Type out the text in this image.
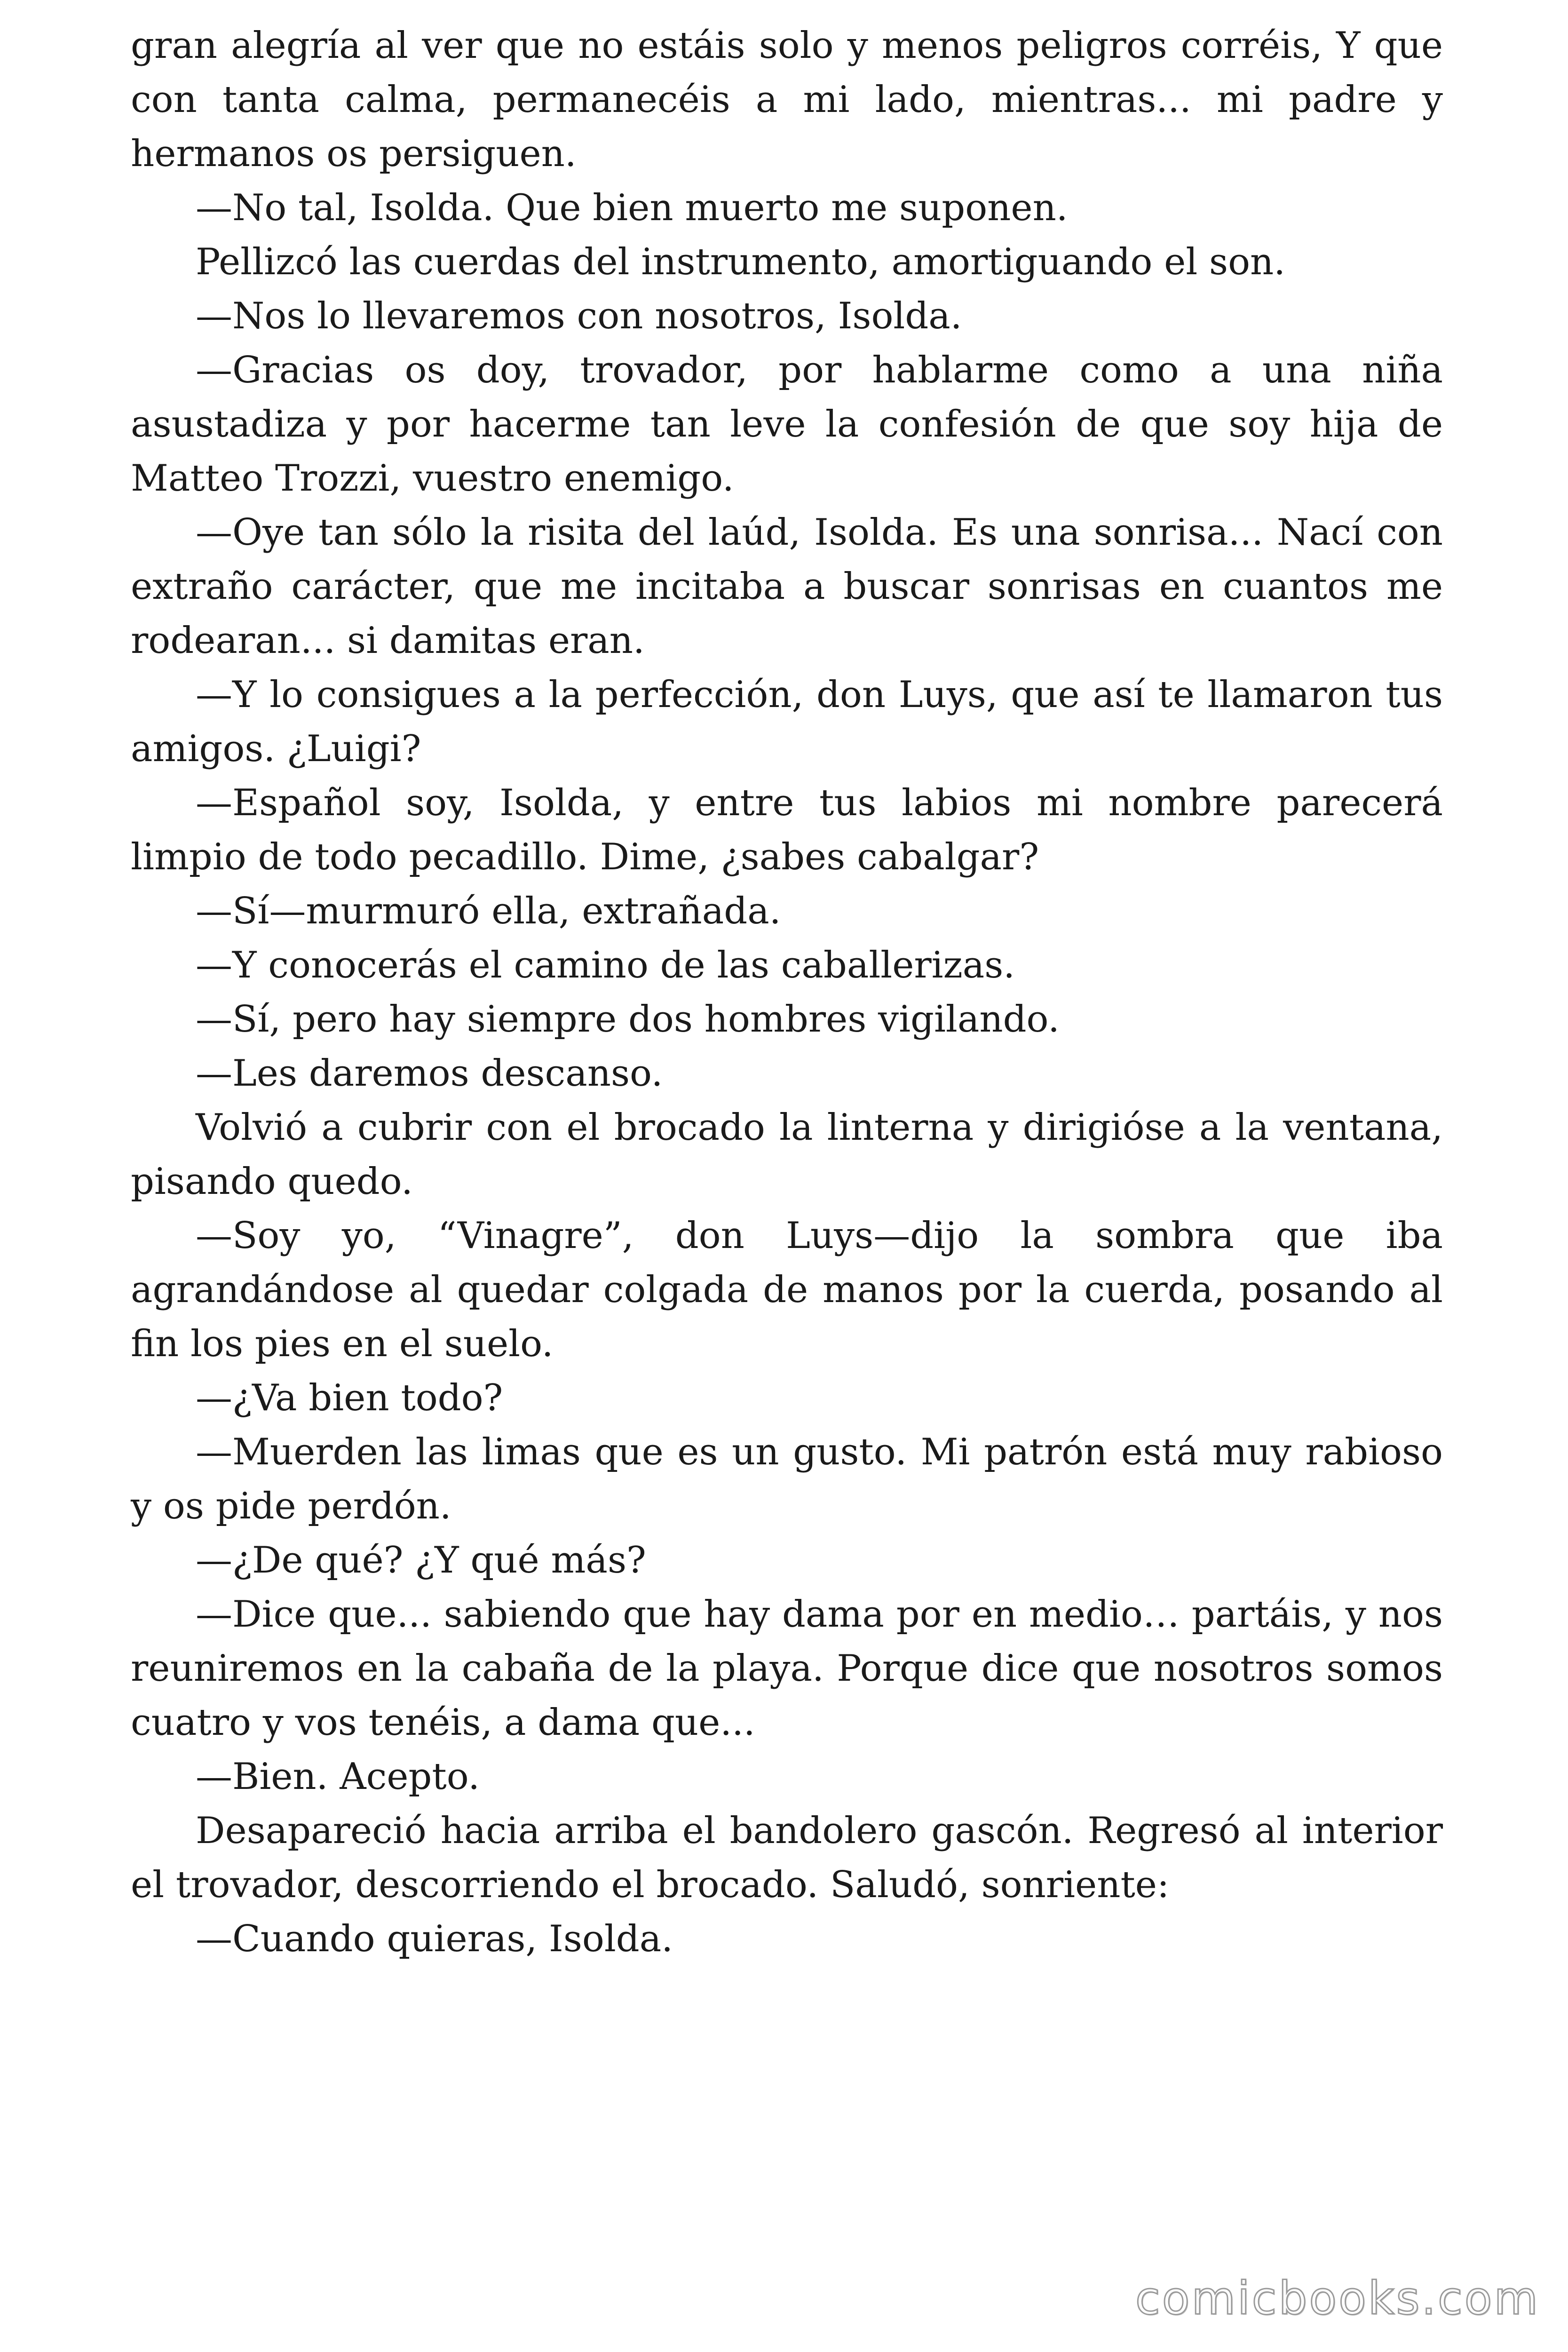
gran alegría al ver que no estáis solo y menos peligros corréis, Y que con tanta calma, permanecéis a mi lado, mientras... mi padre y hermanos os persiguen.

—No tal, Isolda. Que bien muerto me suponen.

Pellizcó las cuerdas del instrumento, amortiguando el son.

—Nos lo llevaremos con nosotros, Isolda.

—Gracias os doy, trovador, por hablarme como a una niña asustadiza y por hacerme tan leve la confesión de que soy hija de Matteo Trozzi, vuestro enemigo.

—Oye tan sólo la risita del laúd, Isolda. Es una sonrisa... Nací con extraño carácter, que me incitaba a buscar sonrisas en cuantos me rodearan... si damitas eran.

—Y lo consigues a la perfección, don Luys, que así te llamaron tus amigos. ¿Luigi?

—Español soy, Isolda, y entre tus labios mi nombre parecerá limpio de todo pecadillo. Dime, ¿sabes cabalgar?

—Sí—murmuró ella, extrañada.

—Y conocerás el camino de las caballerizas.

—Sí, pero hay siempre dos hombres vigilando.

—Les daremos descanso.

Volvió a cubrir con el brocado la linterna y dirigióse a la ventana, pisando quedo.

—Soy yo, “Vinagre”, don Luys—dijo la sombra que iba agrandándose al quedar colgada de manos por la cuerda, posando al fin los pies en el suelo.

—¿Va bien todo?

—Muerden las limas que es un gusto. Mi patrón está muy rabioso y os pide perdón.

—¿De qué? ¿Y qué más?

—Dice que... sabiendo que hay dama por en medio… partáis, y nos reuniremos en la cabaña de la playa. Porque dice que nosotros somos cuatro y vos tenéis, a dama que...

—Bien. Acepto.

Desapareció hacia arriba el bandolero gascón. Regresó al interior el trovador, descorriendo el brocado. Saludó, sonriente:

—Cuando quieras, Isolda.

comicbooks.com
